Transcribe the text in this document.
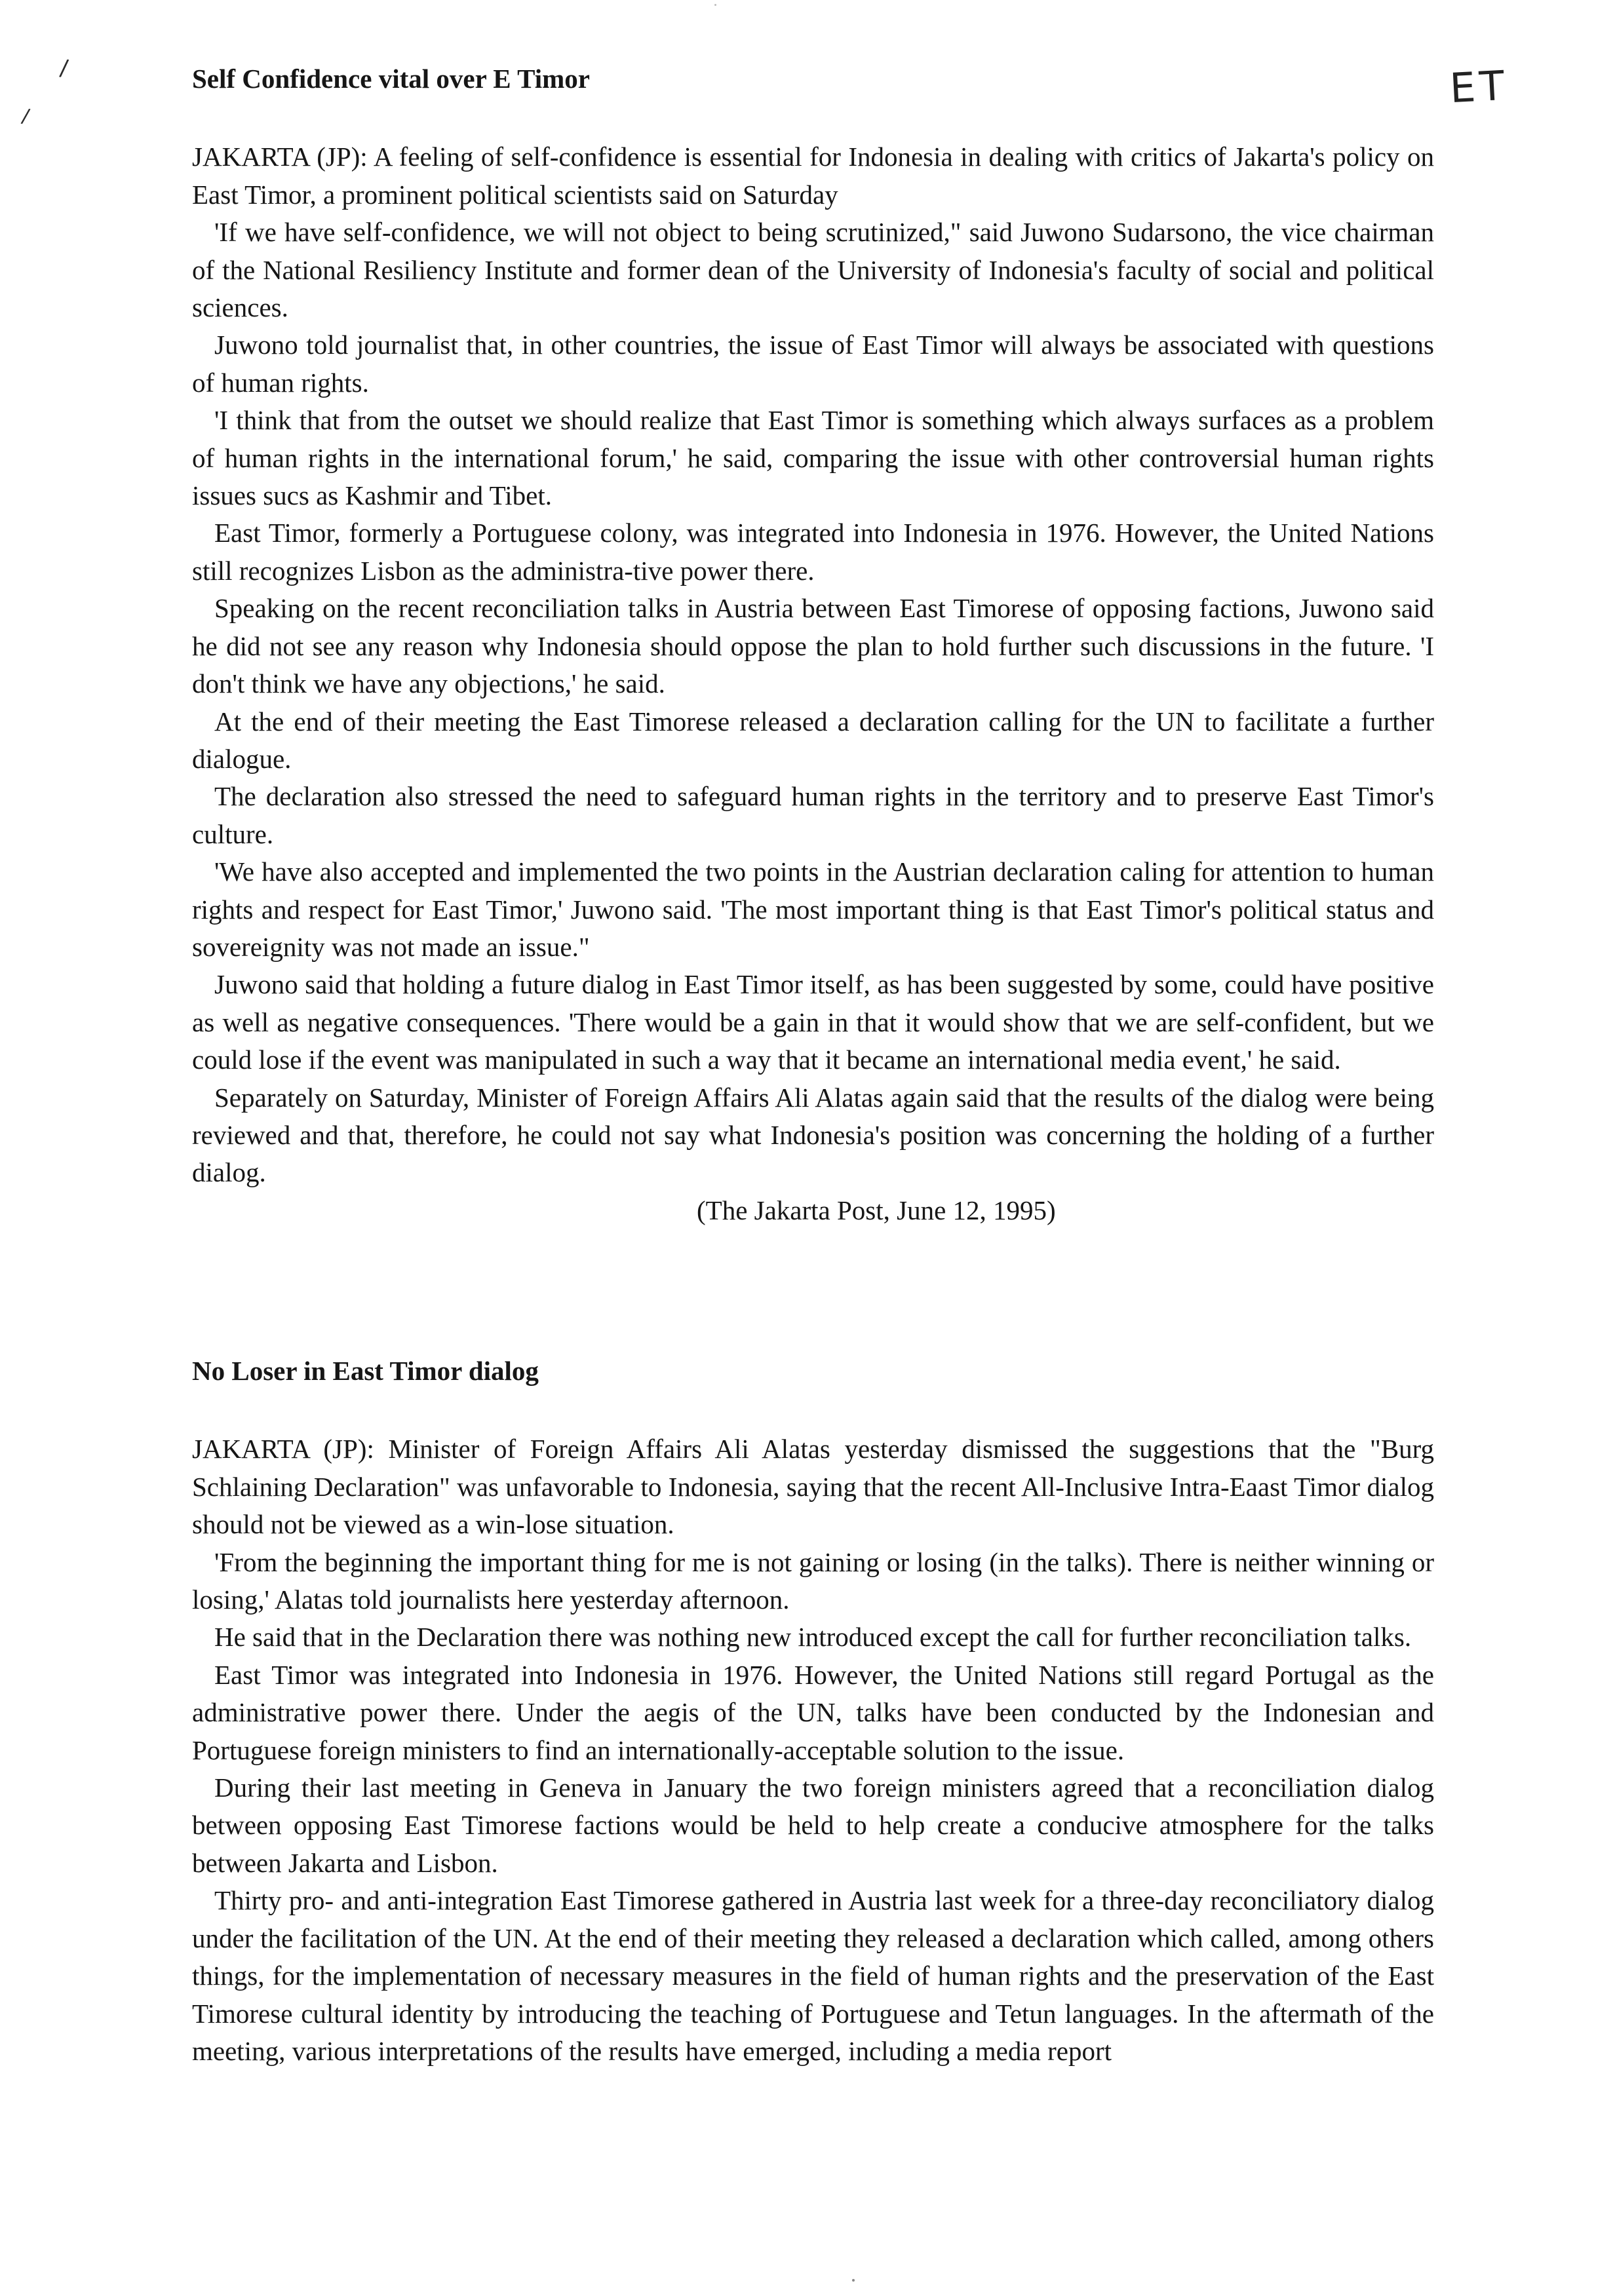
/
/
ET
Self Confidence vital over E Timor

JAKARTA (JP): A feeling of self-confidence is essential for Indonesia in dealing with critics of Jakarta's policy on East Timor, a prominent political scientists said on Saturday

'If we have self-confidence, we will not object to being scrutinized," said Juwono Sudarsono, the vice chairman of the National Resiliency Institute and former dean of the University of Indonesia's faculty of social and political sciences.

Juwono told journalist that, in other countries, the issue of East Timor will always be associated with questions of human rights.

'I think that from the outset we should realize that East Timor is something which always surfaces as a problem of human rights in the international forum,' he said, comparing the issue with other controversial human rights issues sucs as Kashmir and Tibet.

East Timor, formerly a Portuguese colony, was integrated into Indonesia in 1976. However, the United Nations still recognizes Lisbon as the administra-tive power there.

Speaking on the recent reconciliation talks in Austria between East Timorese of opposing factions, Juwono said he did not see any reason why Indonesia should oppose the plan to hold further such discussions in the future. 'I don't think we have any objections,' he said.

At the end of their meeting the East Timorese released a declaration calling for the UN to facilitate a further dialogue.

The declaration also stressed the need to safeguard human rights in the territory and to preserve East Timor's culture.

'We have also accepted and implemented the two points in the Austrian declaration caling for attention to human rights and respect for East Timor,' Juwono said. 'The most important thing is that East Timor's political status and sovereignity was not made an issue."

Juwono said that holding a future dialog in East Timor itself, as has been suggested by some, could have positive as well as negative consequences. 'There would be a gain in that it would show that we are self-confident, but we could lose if the event was manipulated in such a way that it became an international media event,' he said.

Separately on Saturday, Minister of Foreign Affairs Ali Alatas again said that the results of the dialog were being reviewed and that, therefore, he could not say what Indonesia's position was concerning the holding of a further dialog.

(The Jakarta Post, June 12, 1995)

No Loser in East Timor dialog

JAKARTA (JP): Minister of Foreign Affairs Ali Alatas yesterday dismissed the suggestions that the "Burg Schlaining Declaration" was unfavorable to Indonesia, saying that the recent All-Inclusive Intra-Eaast Timor dialog should not be viewed as a win-lose situation.

'From the beginning the important thing for me is not gaining or losing (in the talks). There is neither winning or losing,' Alatas told journalists here yesterday afternoon.

He said that in the Declaration there was nothing new introduced except the call for further reconciliation talks.

East Timor was integrated into Indonesia in 1976. However, the United Nations still regard Portugal as the administrative power there. Under the aegis of the UN, talks have been conducted by the Indonesian and Portuguese foreign ministers to find an internationally-acceptable solution to the issue.

During their last meeting in Geneva in January the two foreign ministers agreed that a reconciliation dialog between opposing East Timorese factions would be held to help create a conducive atmosphere for the talks between Jakarta and Lisbon.

Thirty pro- and anti-integration East Timorese gathered in Austria last week for a three-day reconciliatory dialog under the facilitation of the UN. At the end of their meeting they released a declaration which called, among others things, for the implementation of necessary measures in the field of human rights and the preservation of the East Timorese cultural identity by introducing the teaching of Portuguese and Tetun languages. In the aftermath of the meeting, various interpretations of the results have emerged, including a media report
